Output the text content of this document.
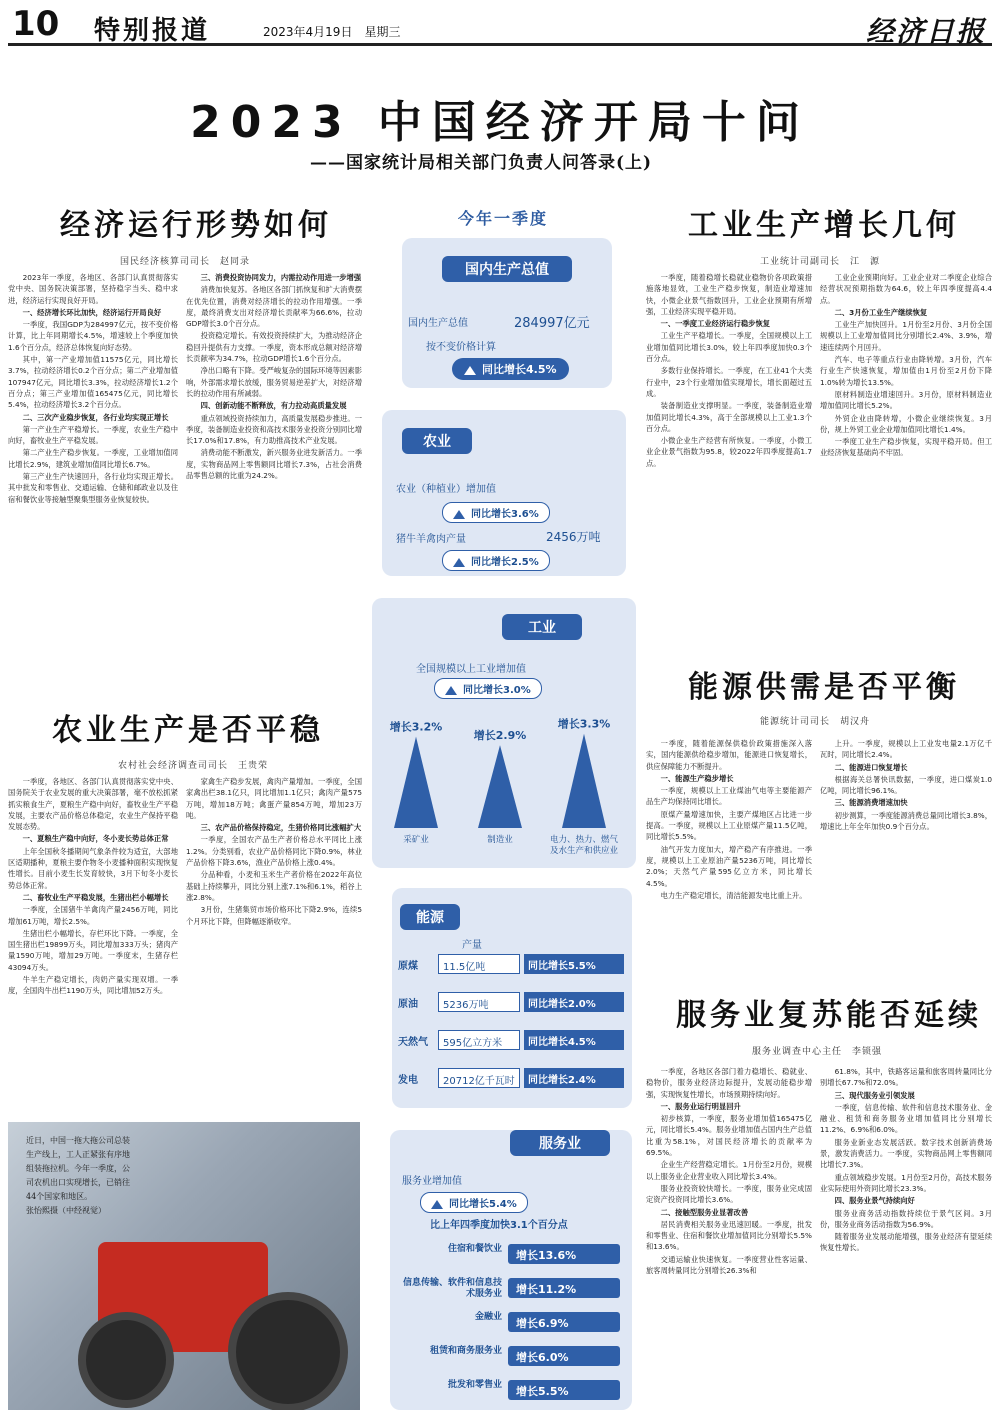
10 特别报道	2023年4月19日　星期三	经济日报
2023 中国经济开局十问
——国家统计局相关部门负责人问答录(上)
经济运行形势如何
国民经济核算司司长　赵同录

2023年一季度，各地区、各部门认真贯彻落实党中央、国务院决策部署，坚持稳字当头、稳中求进，经济运行实现良好开局。

一、经济增长环比加快，经济运行开局良好

一季度，我国GDP为284997亿元，按不变价格计算，比上年同期增长4.5%，增速较上个季度加快1.6个百分点，经济总体恢复向好态势。

其中，第一产业增加值11575亿元，同比增长3.7%，拉动经济增长0.2个百分点；第二产业增加值107947亿元，同比增长3.3%，拉动经济增长1.2个百分点；第三产业增加值165475亿元，同比增长5.4%，拉动经济增长3.2个百分点。

二、三次产业稳步恢复，各行业均实现正增长

第一产业生产平稳增长。一季度，农业生产稳中向好，畜牧业生产平稳发展。

第二产业生产稳步恢复。一季度，工业增加值同比增长2.9%，建筑业增加值同比增长6.7%。

第三产业生产快速回升，各行业均实现正增长。其中批发和零售业、交通运输、仓储和邮政业以及住宿和餐饮业等接触型聚集型服务业恢复较快。

三、消费投资协同发力，内需拉动作用进一步增强

消费加快复苏。各地区各部门抓恢复和扩大消费摆在优先位置，消费对经济增长的拉动作用增强。一季度，最终消费支出对经济增长贡献率为66.6%，拉动GDP增长3.0个百分点。

投资稳定增长。有效投资持续扩大，为推动经济企稳回升提供有力支撑。一季度，资本形成总额对经济增长贡献率为34.7%，拉动GDP增长1.6个百分点。

净出口略有下降。受严峻复杂的国际环境等因素影响，外部需求增长放缓，服务贸易逆差扩大，对经济增长的拉动作用有所减弱。

四、创新动能不断释放，有力拉动高质量发展

重点领域投资持续加力，高质量发展稳步推进。一季度，装备制造业投资和高技术服务业投资分别同比增长17.0%和17.8%，有力助推高技术产业发展。

消费动能不断激发，新兴服务业进发新活力。一季度，实物商品网上零售额同比增长7.3%，占社会消费品零售总额的比重为24.2%。

农业生产是否平稳
农村社会经济调查司司长　王贵荣

一季度，各地区、各部门认真贯彻落实党中央、国务院关于农业发展的重大决策部署，毫不放松抓紧抓实粮食生产，夏粮生产稳中向好，畜牧业生产平稳发展，主要农产品价格总体稳定，农业生产保持平稳发展态势。

一、夏粮生产稳中向好，冬小麦长势总体正常

上年全国秋冬播期间气象条件较为适宜，大部地区适期播种，夏粮主要作物冬小麦播种面积实现恢复性增长。目前小麦生长发育较快，3月下旬冬小麦长势总体正常。

二、畜牧业生产平稳发展，生猪出栏小幅增长

一季度，全国猪牛羊禽肉产量2456万吨，同比增加61万吨，增长2.5%。

生猪出栏小幅增长，存栏环比下降。一季度，全国生猪出栏19899万头，同比增加333万头；猪肉产量1590万吨，增加29万吨。一季度末，生猪存栏43094万头。

牛羊生产稳定增长，肉奶产量实现双增。一季度，全国肉牛出栏1190万头，同比增加52万头。

家禽生产稳步发展，禽肉产量增加。一季度，全国家禽出栏38.1亿只，同比增加1.1亿只；禽肉产量575万吨，增加18万吨；禽蛋产量854万吨，增加23万吨。

三、农产品价格保持稳定，生猪价格同比涨幅扩大

一季度，全国农产品生产者价格总水平同比上涨1.2%。分类别看，农业产品价格同比下降0.9%，林业产品价格下降3.6%，渔业产品价格上涨0.4%。

分品种看，小麦和玉米生产者价格在2022年高位基础上持续攀升，同比分别上涨7.1%和6.1%，稻谷上涨2.8%。

3月份，生猪集贸市场价格环比下降2.9%，连续5个月环比下降，但降幅逐渐收窄。

近日，中国一拖大拖公司总装生产线上，工人正紧张有序地组装拖拉机。今年一季度，公司农机出口实现增长，已销往44个国家和地区。
张怡熙摄（中经视觉）
工业生产增长几何
工业统计司副司长　江　源

一季度，随着稳增长稳就业稳物价各项政策措施落地显效，工业生产稳步恢复，制造业增速加快，小微企业景气指数回升，工业企业预期有所增强，工业经济实现平稳开局。

一、一季度工业经济运行稳步恢复

工业生产平稳增长。一季度，全国规模以上工业增加值同比增长3.0%，较上年四季度加快0.3个百分点。

多数行业保持增长。一季度，在工业41个大类行业中，23个行业增加值实现增长，增长面超过五成。

装备制造业支撑明显。一季度，装备制造业增加值同比增长4.3%，高于全部规模以上工业1.3个百分点。

小微企业生产经营有所恢复。一季度，小微工业企业景气指数为95.8，较2022年四季度提高1.7点。

工业企业预期向好。工业企业对二季度企业综合经营状况预期指数为64.6，较上年四季度提高4.4点。

二、3月份工业生产继续恢复

工业生产加快回升。1月份至2月份、3月份全国规模以上工业增加值同比分别增长2.4%、3.9%，增速连续两个月回升。

汽车、电子等重点行业由降转增。3月份，汽车行业生产快速恢复，增加值由1月份至2月份下降1.0%转为增长13.5%。

原材料制造业增速回升。3月份，原材料制造业增加值同比增长5.2%。

外贸企业由降转增，小微企业继续恢复。3月份，规上外贸工业企业增加值同比增长1.4%。

一季度工业生产稳步恢复，实现平稳开局。但工业经济恢复基础尚不牢固。

能源供需是否平衡
能源统计司司长　胡汉舟

一季度，随着能源保供稳价政策措施深入落实，国内能源供给稳步增加，能源进口恢复增长，供应保障能力不断提升。

一、能源生产稳步增长

一季度，规模以上工业煤油气电等主要能源产品生产均保持同比增长。

原煤产量增速加快，主要产煤地区占比进一步提高。一季度，规模以上工业原煤产量11.5亿吨，同比增长5.5%。

油气开发力度加大，增产稳产有序推进。一季度，规模以上工业原油产量5236万吨，同比增长2.0%；天然气产量595亿立方米，同比增长4.5%。

电力生产稳定增长，清洁能源发电比重上升。

上升。一季度，规模以上工业发电量2.1万亿千瓦时，同比增长2.4%。

二、能源进口恢复增长

根据海关总署快讯数据，一季度，进口煤炭1.0亿吨，同比增长96.1%。

三、能源消费增速加快

初步测算，一季度能源消费总量同比增长3.8%，增速比上年全年加快0.9个百分点。

服务业复苏能否延续
服务业调查中心主任　李锁强

一季度，各地区各部门着力稳增长、稳就业、稳物价，服务业经济边际提升，发展动能稳步增强，实现恢复性增长，市场预期持续向好。

一、服务业运行明显回升

初步核算，一季度，服务业增加值165475亿元，同比增长5.4%。服务业增加值占国内生产总值比重为58.1%，对国民经济增长的贡献率为69.5%。

企业生产经营稳定增长。1月份至2月份，规模以上服务业企业营业收入同比增长3.4%。

服务业投资较快增长。一季度，服务业完成固定资产投资同比增长3.6%。

二、接触型服务业显著改善

居民消费相关服务业迅速回暖。一季度，批发和零售业、住宿和餐饮业增加值同比分别增长5.5%和13.6%。

交通运输业快速恢复。一季度营业性客运量、旅客周转量同比分别增长26.3%和

61.8%，其中，铁路客运量和旅客周转量同比分别增长67.7%和72.0%。

三、现代服务业引领发展

一季度，信息传输、软件和信息技术服务业、金融业、租赁和商务服务业增加值同比分别增长11.2%、6.9%和6.0%。

服务业新业态发展活跃。数字技术创新消费场景，激发消费活力。一季度，实物商品网上零售额同比增长7.3%。

重点领域稳步发展。1月份至2月份，高技术服务业实际使用外资同比增长23.3%。

四、服务业景气持续向好

服务业商务活动指数持续位于景气区间。3月份，服务业商务活动指数为56.9%。

随着服务业发展动能增强，服务业经济有望延续恢复性增长。

今年一季度
国内生产总值
国内生产总值	284997亿元
按不变价格计算
同比增长4.5%
农业
农业（种植业）增加值
同比增长3.6%
猪牛羊禽肉产量	2456万吨
同比增长2.5%
工业
全国规模以上工业增加值
同比增长3.0%
增长3.2%
采矿业
增长2.9%
制造业
增长3.3%
电力、热力、燃气及水生产和供应业
能源
产量
原煤	11.5亿吨	同比增长5.5%
原油	5236万吨	同比增长2.0%
天然气	595亿立方米	同比增长4.5%
发电	20712亿千瓦时	同比增长2.4%
服务业
服务业增加值
同比增长5.4%
比上年四季度加快3.1个百分点
住宿和餐饮业	增长13.6%
信息传输、软件和信息技术服务业	增长11.2%
金融业	增长6.9%
租赁和商务服务业	增长6.0%
批发和零售业	增长5.5%
